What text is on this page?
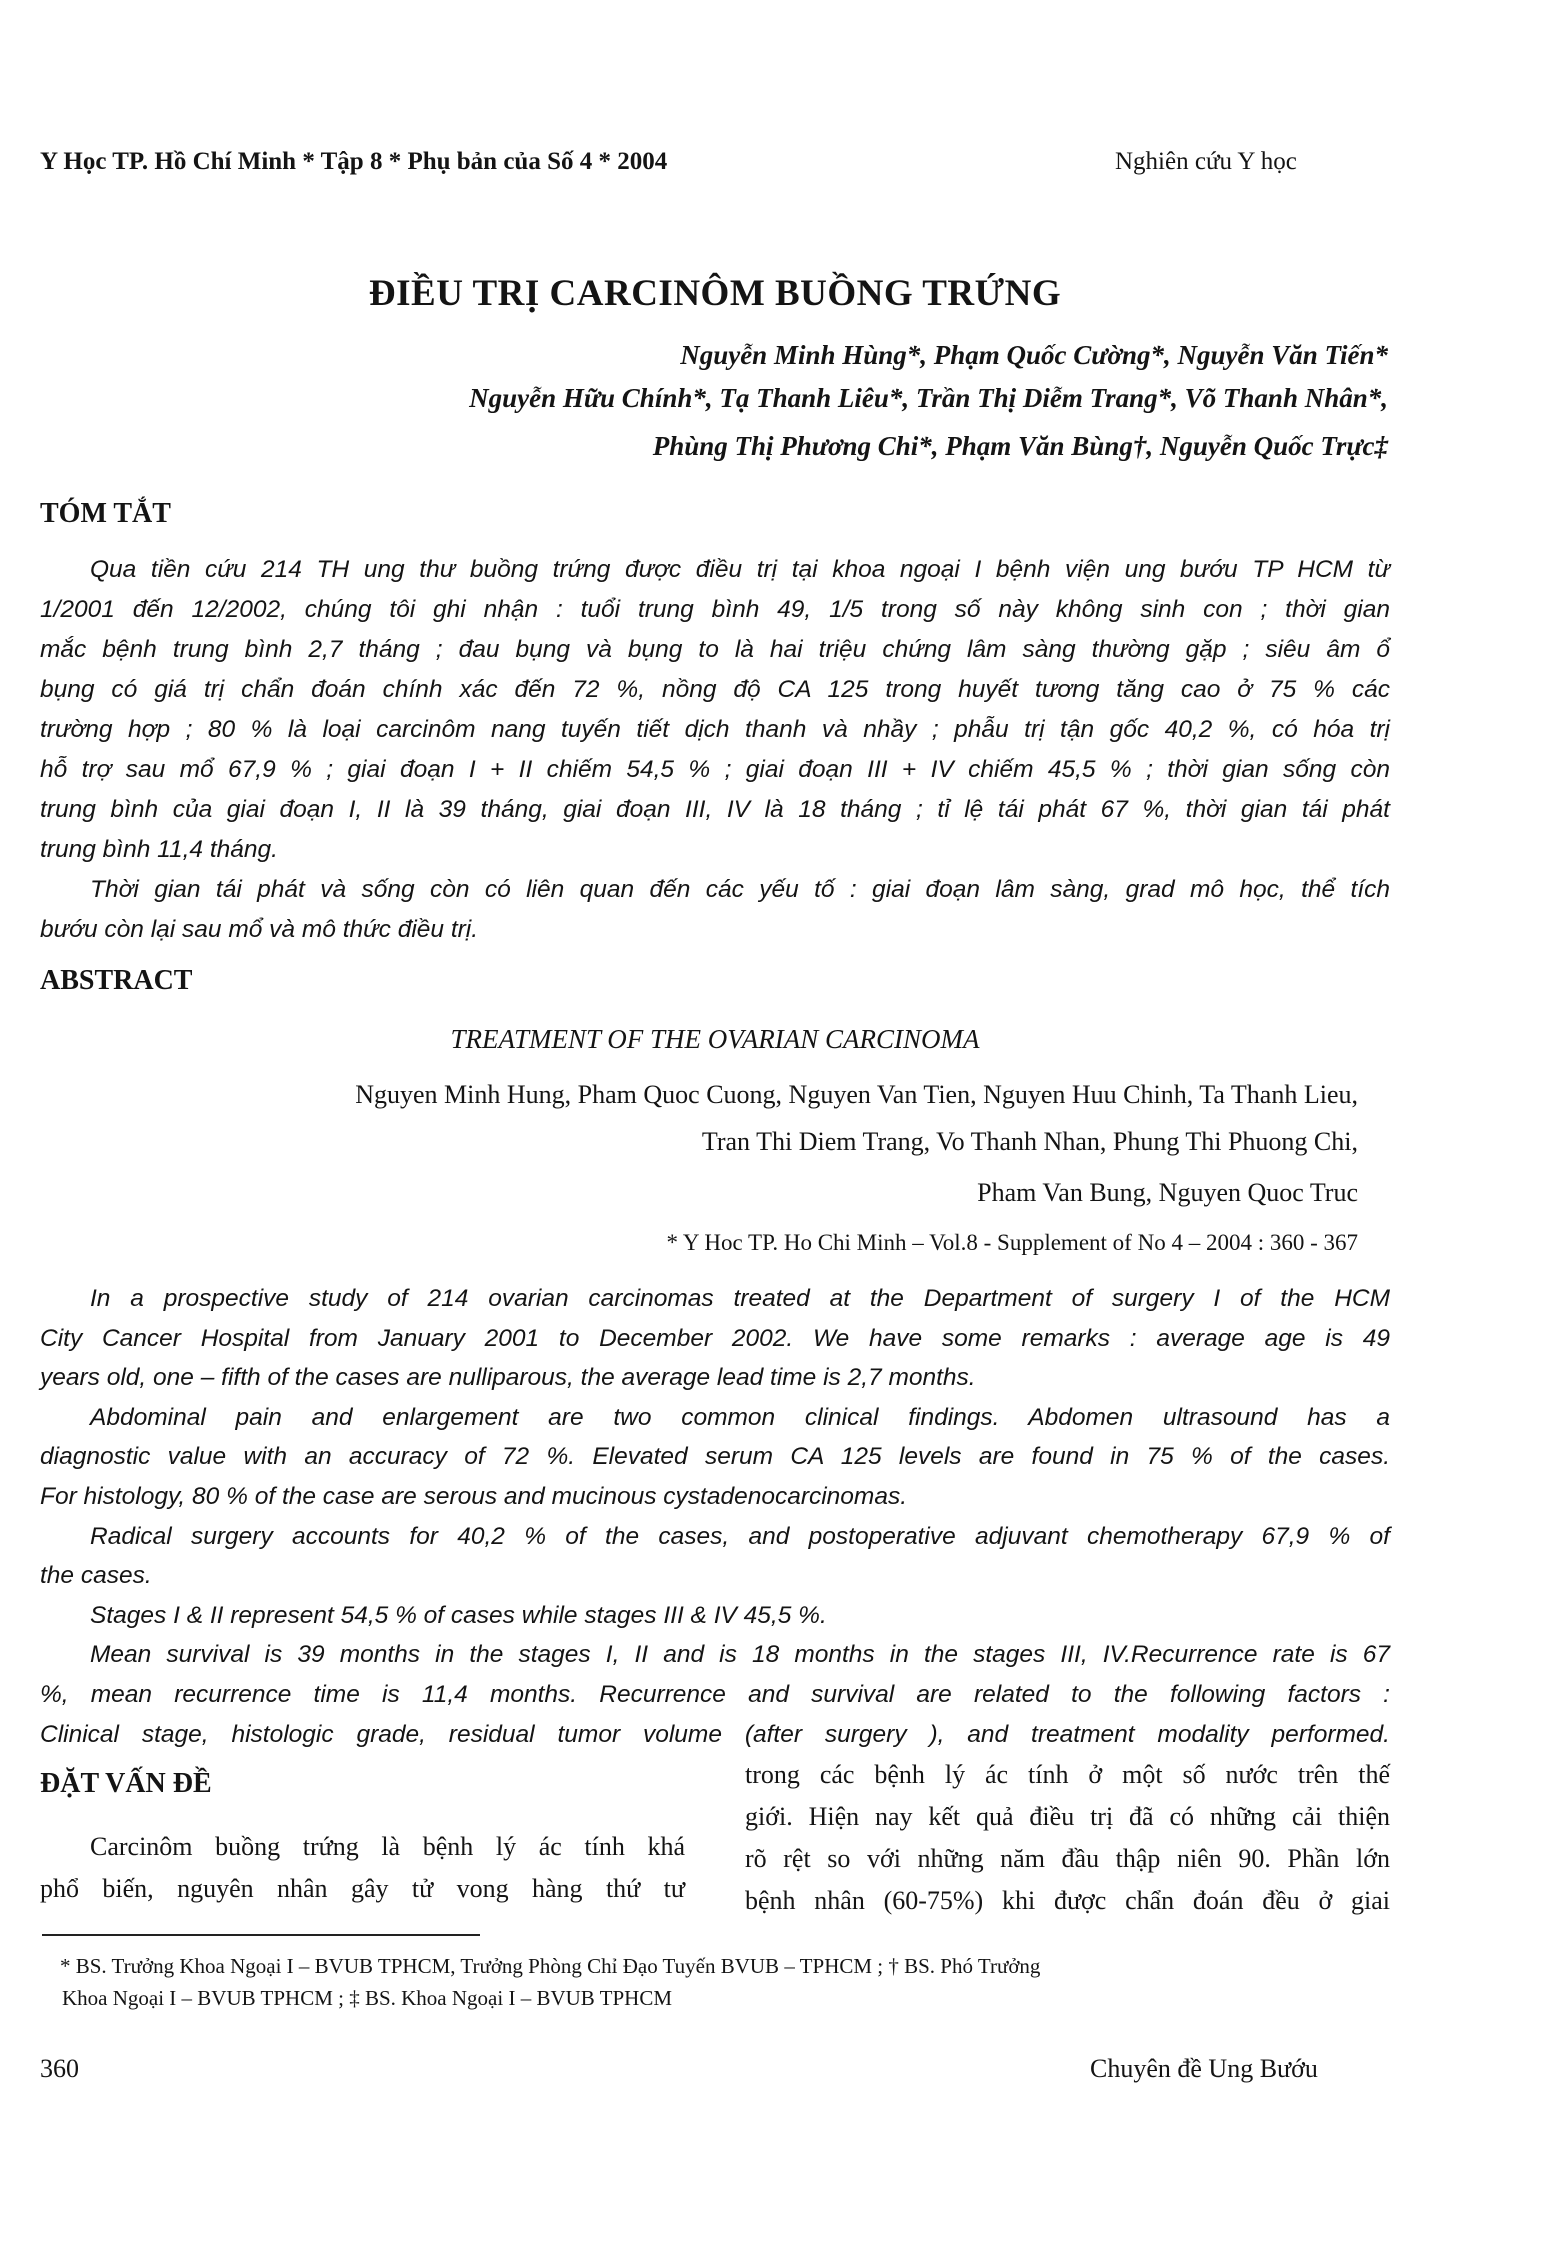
Y Học TP. Hồ Chí Minh * Tập 8 * Phụ bản của Số 4 * 2004	Nghiên cứu Y học
ĐIỀU TRỊ CARCINÔM BUỒNG TRỨNG
Nguyễn Minh Hùng*, Phạm Quốc Cường*, Nguyễn Văn Tiến*
Nguyễn Hữu Chính*, Tạ Thanh Liêu*, Trần Thị Diễm Trang*, Võ Thanh Nhân*,
Phùng Thị Phương Chi*, Phạm Văn Bùng†, Nguyễn Quốc Trực‡
TÓM TẮT
Qua tiền cứu 214 TH ung thư buồng trứng được điều trị tại khoa ngoại I bệnh viện ung bướu TP HCM từ
1/2001 đến 12/2002, chúng tôi ghi nhận : tuổi trung bình 49, 1/5 trong số này không sinh con ; thời gian
mắc bệnh trung bình 2,7 tháng ; đau bụng và bụng to là hai triệu chứng lâm sàng thường gặp ; siêu âm ổ
bụng có giá trị chẩn đoán chính xác đến 72 %, nồng độ CA 125 trong huyết tương tăng cao ở 75 % các
trường hợp ; 80 % là loại carcinôm nang tuyến tiết dịch thanh và nhầy ; phẫu trị tận gốc 40,2 %, có hóa trị
hỗ trợ sau mổ 67,9 % ; giai đoạn I + II chiếm 54,5 % ; giai đoạn III + IV chiếm 45,5 % ; thời gian sống còn
trung bình của giai đoạn I, II là 39 tháng, giai đoạn III, IV là 18 tháng ; tỉ lệ tái phát 67 %, thời gian tái phát
trung bình 11,4 tháng.
Thời gian tái phát và sống còn có liên quan đến các yếu tố : giai đoạn lâm sàng, grad mô học, thể tích
bướu còn lại sau mổ và mô thức điều trị.
ABSTRACT
TREATMENT OF THE OVARIAN CARCINOMA
Nguyen Minh Hung, Pham Quoc Cuong, Nguyen Van Tien, Nguyen Huu Chinh, Ta Thanh Lieu,
Tran Thi Diem Trang, Vo Thanh Nhan, Phung Thi Phuong Chi,
Pham Van Bung, Nguyen Quoc Truc
* Y Hoc TP. Ho Chi Minh – Vol.8 - Supplement of No 4 – 2004 : 360 - 367
In a prospective study of 214 ovarian carcinomas treated at the Department of surgery I of the HCM
City Cancer Hospital from January 2001 to December 2002. We have some remarks : average age is 49
years old, one – fifth of the cases are nulliparous, the average lead time is 2,7 months.
Abdominal pain and enlargement are two common clinical findings. Abdomen ultrasound has a
diagnostic value with an accuracy of 72 %. Elevated serum CA 125 levels are found in 75 % of the cases.
For histology, 80 % of the case are serous and mucinous cystadenocarcinomas.
Radical surgery accounts for 40,2 % of the cases, and postoperative adjuvant chemotherapy 67,9 % of
the cases.
Stages I & II represent 54,5 % of cases while stages III & IV 45,5 %.
Mean survival is 39 months in the stages I, II and is 18 months in the stages III, IV.Recurrence rate is 67
%, mean recurrence time is 11,4 months. Recurrence and survival are related to the following factors :
Clinical stage, histologic grade, residual tumor volume (after surgery ), and treatment modality performed.
ĐẶT VẤN ĐỀ
Carcinôm buồng trứng là bệnh lý ác tính khá
phổ biến, nguyên nhân gây tử vong hàng thứ tư
trong các bệnh lý ác tính ở một số nước trên thế
giới. Hiện nay kết quả điều trị đã có những cải thiện
rõ rệt so với những năm đầu thập niên 90. Phần lớn
bệnh nhân (60-75%) khi được chẩn đoán đều ở giai
* BS. Trưởng Khoa Ngoại I – BVUB TPHCM, Trưởng Phòng Chỉ Đạo Tuyến BVUB – TPHCM ; † BS. Phó Trưởng
Khoa Ngoại I – BVUB TPHCM ; ‡ BS. Khoa Ngoại I – BVUB TPHCM
360	Chuyên đề Ung Bướu
